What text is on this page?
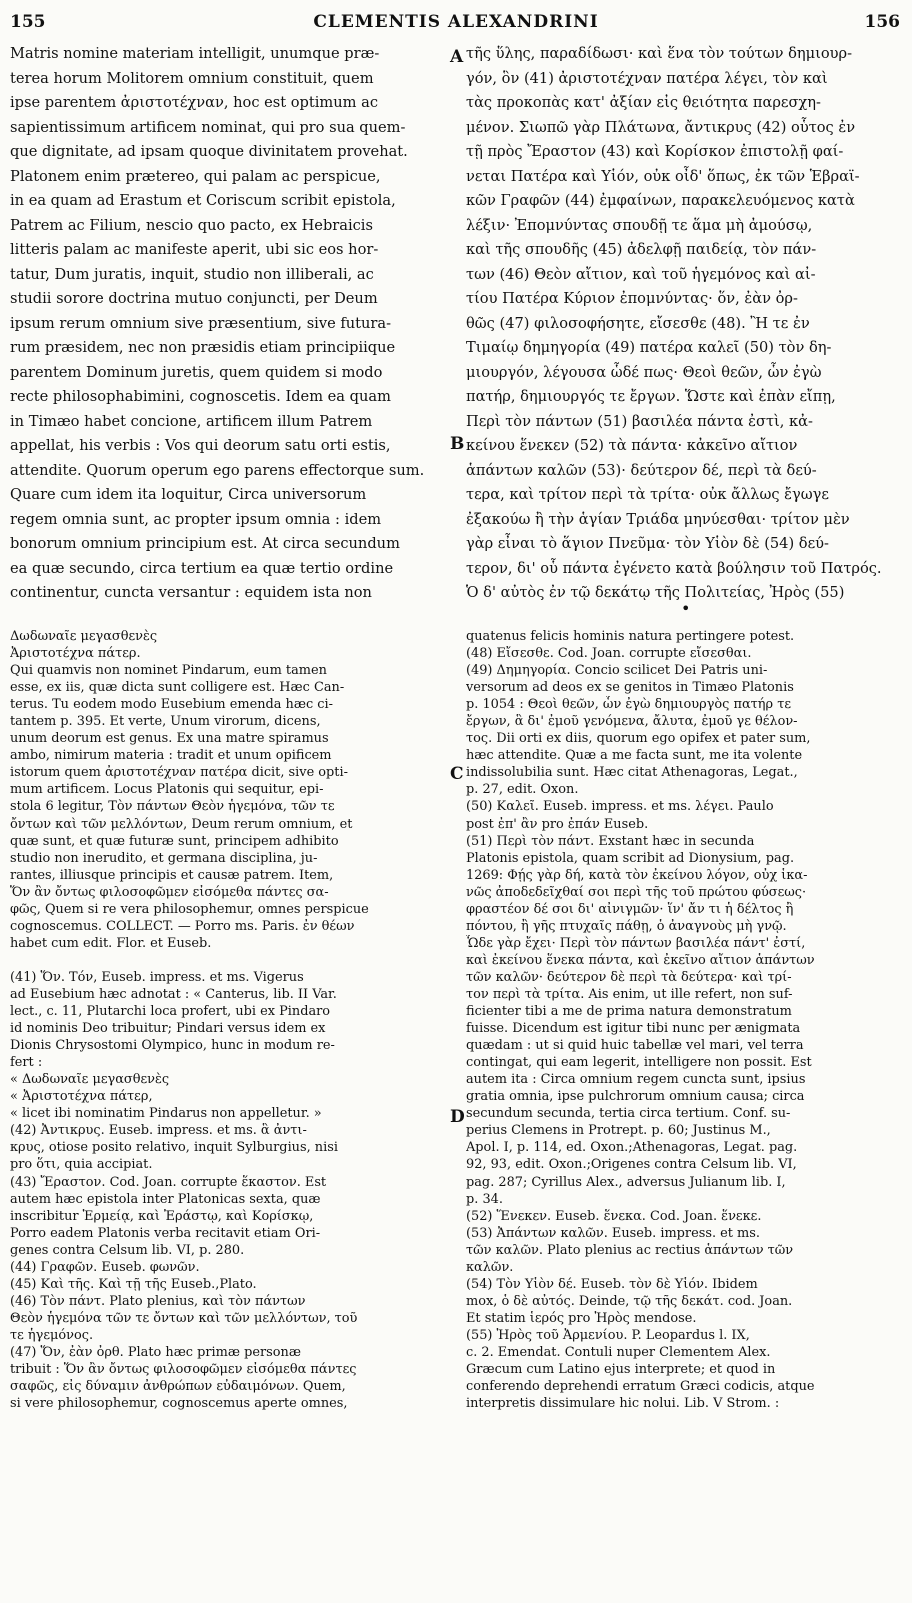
155	CLEMENTIS ALEXANDRINI	156
Matris nomine materiam intelligit, unumque præ-
terea horum Molitorem omnium constituit, quem
ipse parentem ἀριστοτέχναν, hoc est optimum ac
sapientissimum artificem nominat, qui pro sua quem-
que dignitate, ad ipsam quoque divinitatem provehat.
Platonem enim prætereo, qui palam ac perspicue,
in ea quam ad Erastum et Coriscum scribit epistola,
Patrem ac Filium, nescio quo pacto, ex Hebraicis
litteris palam ac manifeste aperit, ubi sic eos hor-
tatur, Dum juratis, inquit, studio non illiberali, ac
studii sorore doctrina mutuo conjuncti, per Deum
ipsum rerum omnium sive præsentium, sive futura-
rum præsidem, nec non præsidis etiam principiique
parentem Dominum juretis, quem quidem si modo
recte philosophabimini, cognoscetis. Idem ea quam
in Timæo habet concione, artificem illum Patrem
appellat, his verbis : Vos qui deorum satu orti estis,
attendite. Quorum operum ego parens effectorque sum.
Quare cum idem ita loquitur, Circa universorum
regem omnia sunt, ac propter ipsum omnia : idem
bonorum omnium principium est. At circa secundum
ea quæ secundo, circa tertium ea quæ tertio ordine
continentur, cuncta versantur : equidem ista non
τῆς ὕλης, παραδίδωσι· καὶ ἕνα τὸν τούτων δημιουρ-
γόν, ὃν (41) ἀριστοτέχναν πατέρα λέγει, τὸν καὶ
τὰς προκοπὰς κατ' ἀξίαν εἰς θειότητα παρεσχη-
μένον. Σιωπῶ γὰρ Πλάτωνα, ἄντικρυς (42) οὗτος ἐν
τῇ πρὸς Ἔραστον (43) καὶ Κορίσκον ἐπιστολῇ φαί-
νεται Πατέρα καὶ Υἱόν, οὐκ οἶδ' ὅπως, ἐκ τῶν Ἑβραϊ-
κῶν Γραφῶν (44) ἐμφαίνων, παρακελευόμενος κατὰ
λέξιν· Ἐπομνύντας σπουδῇ τε ἅμα μὴ ἀμούσῳ,
καὶ τῆς σπουδῆς (45) ἀδελφῇ παιδείᾳ, τὸν πάν-
των (46) Θεὸν αἴτιον, καὶ τοῦ ἡγεμόνος καὶ αἰ-
τίου Πατέρα Κύριον ἐπομνύντας· ὅν, ἐὰν ὀρ-
θῶς (47) φιλοσοφήσητε, εἴσεσθε (48). Ἢ τε ἐν
Τιμαίῳ δημηγορία (49) πατέρα καλεῖ (50) τὸν δη-
μιουργόν, λέγουσα ὧδέ πως· Θεοὶ θεῶν, ὧν ἐγὼ
πατήρ, δημιουργός τε ἔργων. Ὥστε καὶ ἐπὰν εἴπῃ,
Περὶ τὸν πάντων (51) βασιλέα πάντα ἐστὶ, κἀ-
κείνου ἕνεκεν (52) τὰ πάντα· κἀκεῖνο αἴτιον
ἁπάντων καλῶν (53)· δεύτερον δέ, περὶ τὰ δεύ-
τερα, καὶ τρίτον περὶ τὰ τρίτα· οὐκ ἄλλως ἔγωγε
ἐξακούω ἢ τὴν ἁγίαν Τριάδα μηνύεσθαι· τρίτον μὲν
γὰρ εἶναι τὸ ἅγιον Πνεῦμα· τὸν Υἱὸν δὲ (54) δεύ-
τερον, δι' οὗ πάντα ἐγένετο κατὰ βούλησιν τοῦ Πατρός.
Ὁ δ' αὐτὸς ἐν τῷ δεκάτῳ τῆς Πολιτείας, Ἠρὸς (55)
Δωδωναῖε μεγασθενὲς
Ἀριστοτέχνα πάτερ.
Qui quamvis non nominet Pindarum, eum tamen
esse, ex iis, quæ dicta sunt colligere est. Hæc Can-
terus. Tu eodem modo Eusebium emenda hæc ci-
tantem p. 395. Et verte, Unum virorum, dicens,
unum deorum est genus. Ex una matre spiramus
ambo, nimirum materia : tradit et unum opificem
istorum quem ἀριστοτέχναν πατέρα dicit, sive opti-
mum artificem. Locus Platonis qui sequitur, epi-
stola 6 legitur, Τὸν πάντων Θεὸν ἡγεμόνα, τῶν τε
ὄντων καὶ τῶν μελλόντων, Deum rerum omnium, et
quæ sunt, et quæ futuræ sunt, principem adhibito
studio non inerudito, et germana disciplina, ju-
rantes, illiusque principis et causæ patrem. Item,
Ὅν ἂν ὄντως φιλοσοφῶμεν εἰσόμεθα πάντες σα-
φῶς, Quem si re vera philosophemur, omnes perspicue
cognoscemus. COLLECT. — Porro ms. Paris. ἐν θέων
habet cum edit. Flor. et Euseb.
(41) Ὅν. Τόν, Euseb. impress. et ms. Vigerus
ad Eusebium hæc adnotat : « Canterus, lib. II Var.
lect., c. 11, Plutarchi loca profert, ubi ex Pindaro
id nominis Deo tribuitur; Pindari versus idem ex
Dionis Chrysostomi Olympico, hunc in modum re-
fert :
« Δωδωναῖε μεγασθενὲς
« Ἀριστοτέχνα πάτερ,
« licet ibi nominatim Pindarus non appelletur. »
(42) Ἀντικρυς. Euseb. impress. et ms. ἃ ἀντι-
κρυς, otiose posito relativo, inquit Sylburgius, nisi
pro ὅτι, quia accipiat.
(43) Ἔραστον. Cod. Joan. corrupte ἕκαστον. Est
autem hæc epistola inter Platonicas sexta, quæ
inscribitur Ἑρμείᾳ, καὶ Ἐράστῳ, καὶ Κορίσκῳ,
Porro eadem Platonis verba recitavit etiam Ori-
genes contra Celsum lib. VI, p. 280.
(44) Γραφῶν. Euseb. φωνῶν.
(45) Καὶ τῆς. Καὶ τῇ τῆς Euseb.,Plato.
(46) Τὸν πάντ. Plato plenius, καὶ τὸν πάντων
Θεὸν ἡγεμόνα τῶν τε ὄντων καὶ τῶν μελλόντων, τοῦ
τε ἡγεμόνος.
(47) Ὅν, ἐὰν ὀρθ. Plato hæc primæ personæ
tribuit : Ὅν ἂν ὄντως φιλοσοφῶμεν εἰσόμεθα πάντες
σαφῶς, εἰς δύναμιν ἀνθρώπων εὐδαιμόνων. Quem,
si vere philosophemur, cognoscemus aperte omnes,
quatenus felicis hominis natura pertingere potest.
(48) Εἴσεσθε. Cod. Joan. corrupte εἴσεσθαι.
(49) Δημηγορία. Concio scilicet Dei Patris uni-
versorum ad deos ex se genitos in Timæo Platonis
p. 1054 : Θεοὶ θεῶν, ὧν ἐγὼ δημιουργὸς πατήρ τε
ἔργων, ἃ δι' ἐμοῦ γενόμενα, ἄλυτα, ἐμοῦ γε θέλον-
τος. Dii orti ex diis, quorum ego opifex et pater sum,
hæc attendite. Quæ a me facta sunt, me ita volente
indissolubilia sunt. Hæc citat Athenagoras, Legat.,
p. 27, edit. Oxon.
(50) Καλεῖ. Euseb. impress. et ms. λέγει. Paulo
post ἐπ' ἂν pro ἐπάν Euseb.
(51) Περὶ τὸν πάντ. Exstant hæc in secunda
Platonis epistola, quam scribit ad Dionysium, pag.
1269: Φῄς γὰρ δή, κατὰ τὸν ἐκείνου λόγον, οὐχ ἱκα-
νῶς ἀποδεδεῖχθαί σοι περὶ τῆς τοῦ πρώτου φύσεως·
φραστέον δέ σοι δι' αἰνιγμῶν· ἵν' ἄν τι ἡ δέλτος ἢ
πόντου, ἢ γῆς πτυχαῖς πάθῃ, ὁ ἀναγνοὺς μὴ γνῷ.
Ὧδε γὰρ ἔχει· Περὶ τὸν πάντων βασιλέα πάντ' ἐστί,
καὶ ἐκείνου ἕνεκα πάντα, καὶ ἐκεῖνο αἴτιον ἁπάντων
τῶν καλῶν· δεύτερον δὲ περὶ τὰ δεύτερα· καὶ τρί-
τον περὶ τὰ τρίτα. Ais enim, ut ille refert, non suf-
ficienter tibi a me de prima natura demonstratum
fuisse. Dicendum est igitur tibi nunc per ænigmata
quædam : ut si quid huic tabellæ vel mari, vel terra
contingat, qui eam legerit, intelligere non possit. Est
autem ita : Circa omnium regem cuncta sunt, ipsius
gratia omnia, ipse pulchrorum omnium causa; circa
secundum secunda, tertia circa tertium. Conf. su-
perius Clemens in Protrept. p. 60; Justinus M.,
Apol. I, p. 114, ed. Oxon.;Athenagoras, Legat. pag.
92, 93, edit. Oxon.;Origenes contra Celsum lib. VI,
pag. 287; Cyrillus Alex., adversus Julianum lib. I,
p. 34.
(52) Ἕνεκεν. Euseb. ἕνεκα. Cod. Joan. ἕνεκε.
(53) Ἀπάντων καλῶν. Euseb. impress. et ms.
τῶν καλῶν. Plato plenius ac rectius ἁπάντων τῶν
καλῶν.
(54) Τὸν Υἱὸν δέ. Euseb. τὸν δὲ Υἱόν. Ibidem
mox, ὁ δὲ αὐτός. Deinde, τῷ τῆς δεκάτ. cod. Joan.
Et statim ἱερός pro Ἠρὸς mendose.
(55) Ἠρὸς τοῦ Ἀρμενίου. P. Leopardus l. IX,
c. 2. Emendat. Contuli nuper Clementem Alex.
Græcum cum Latino ejus interprete; et quod in
conferendo deprehendi erratum Græci codicis, atque
interpretis dissimulare hic nolui. Lib. V Strom. :
A
B
C
D
•
